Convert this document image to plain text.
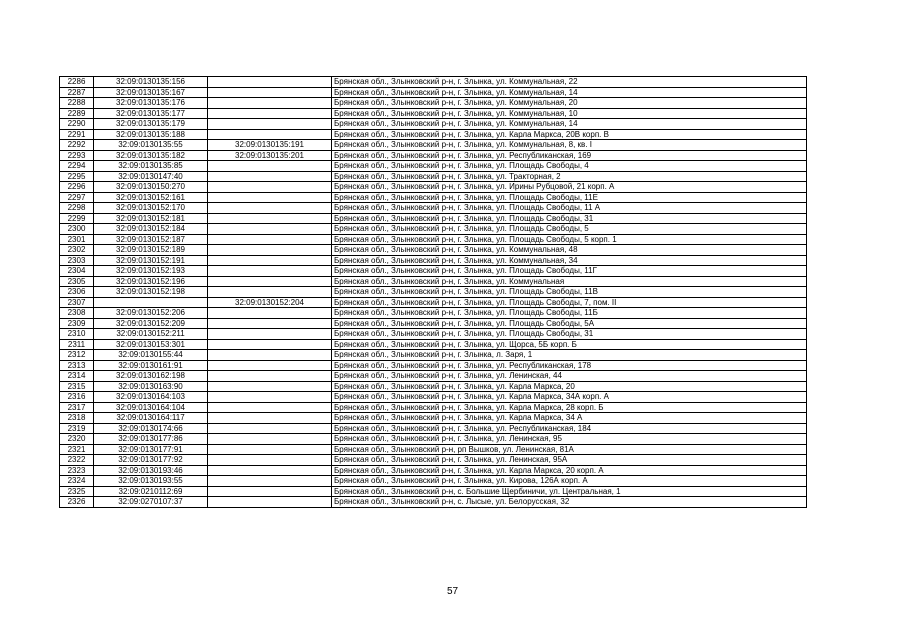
2286	32:09:0130135:156		Брянская обл., Злынковский р-н, г. Злынка, ул. Коммунальная, 22
2287	32:09:0130135:167		Брянская обл., Злынковский р-н, г. Злынка, ул. Коммунальная, 14
2288	32:09:0130135:176		Брянская обл., Злынковский р-н, г. Злынка, ул. Коммунальная, 20
2289	32:09:0130135:177		Брянская обл., Злынковский р-н, г. Злынка, ул. Коммунальная, 10
2290	32:09:0130135:179		Брянская обл., Злынковский р-н, г. Злынка, ул. Коммунальная, 14
2291	32:09:0130135:188		Брянская обл., Злынковский р-н, г. Злынка, ул. Карла Маркса, 20В корп. В
2292	32:09:0130135:55	32:09:0130135:191	Брянская обл., Злынковский р-н, г. Злынка, ул. Коммунальная, 8, кв. I
2293	32:09:0130135:182	32:09:0130135:201	Брянская обл., Злынковский р-н, г. Злынка, ул. Республиканская, 169
2294	32:09:0130135:85		Брянская обл., Злынковский р-н, г. Злынка, ул. Площадь Свободы, 4
2295	32:09:0130147:40		Брянская обл., Злынковский р-н, г. Злынка, ул. Тракторная, 2
2296	32:09:0130150:270		Брянская обл., Злынковский р-н, г. Злынка, ул. Ирины Рубцовой, 21 корп. А
2297	32:09:0130152:161		Брянская обл., Злынковский р-н, г. Злынка, ул. Площадь Свободы, 11Е
2298	32:09:0130152:170		Брянская обл., Злынковский р-н, г. Злынка, ул. Площадь Свободы, 11 А
2299	32:09:0130152:181		Брянская обл., Злынковский р-н, г. Злынка, ул. Площадь Свободы, 31
2300	32:09:0130152:184		Брянская обл., Злынковский р-н, г. Злынка, ул. Площадь Свободы, 5
2301	32:09:0130152:187		Брянская обл., Злынковский р-н, г. Злынка, ул. Площадь Свободы, 5 корп. 1
2302	32:09:0130152:189		Брянская обл., Злынковский р-н, г. Злынка, ул. Коммунальная, 48
2303	32:09:0130152:191		Брянская обл., Злынковский р-н, г. Злынка, ул. Коммунальная, 34
2304	32:09:0130152:193		Брянская обл., Злынковский р-н, г. Злынка, ул. Площадь Свободы, 11Г
2305	32:09:0130152:196		Брянская обл., Злынковский р-н, г. Злынка, ул. Коммунальная
2306	32:09:0130152:198		Брянская обл., Злынковский р-н, г. Злынка, ул. Площадь Свободы, 11В
2307		32:09:0130152:204	Брянская обл., Злынковский р-н, г. Злынка, ул. Площадь Свободы, 7, пом. II
2308	32:09:0130152:206		Брянская обл., Злынковский р-н, г. Злынка, ул. Площадь Свободы, 11Б
2309	32:09:0130152:209		Брянская обл., Злынковский р-н, г. Злынка, ул. Площадь Свободы, 5А
2310	32:09:0130152:211		Брянская обл., Злынковский р-н, г. Злынка, ул. Площадь Свободы, 31
2311	32:09:0130153:301		Брянская обл., Злынковский р-н, г. Злынка, ул. Щорса, 5Б корп. Б
2312	32:09:0130155:44		Брянская обл., Злынковский р-н, г. Злынка, л. Заря, 1
2313	32:09:0130161:91		Брянская обл., Злынковский р-н, г. Злынка, ул. Республиканская, 178
2314	32:09:0130162:198		Брянская обл., Злынковский р-н, г. Злынка, ул. Ленинская, 44
2315	32:09:0130163:90		Брянская обл., Злынковский р-н, г. Злынка, ул. Карла Маркса, 20
2316	32:09:0130164:103		Брянская обл., Злынковский р-н, г. Злынка, ул. Карла Маркса, 34А корп. А
2317	32:09:0130164:104		Брянская обл., Злынковский р-н, г. Злынка, ул. Карла Маркса, 28 корп. Б
2318	32:09:0130164:117		Брянская обл., Злынковский р-н, г. Злынка, ул. Карла Маркса, 34 А
2319	32:09:0130174:66		Брянская обл., Злынковский р-н, г. Злынка, ул. Республиканская, 184
2320	32:09:0130177:86		Брянская обл., Злынковский р-н, г. Злынка, ул. Ленинская, 95
2321	32:09:0130177:91		Брянская обл., Злынковский р-н, рп Вышков, ул. Ленинская, 81А
2322	32:09:0130177:92		Брянская обл., Злынковский р-н, г. Злынка, ул. Ленинская, 95А
2323	32:09:0130193:46		Брянская обл., Злынковский р-н, г. Злынка, ул. Карла Маркса, 20 корп. А
2324	32:09:0130193:55		Брянская обл., Злынковский р-н, г. Злынка, ул. Кирова, 126А корп. А
2325	32:09:0210112:69		Брянская обл., Злынковский р-н, с. Большие Щербиничи, ул. Центральная, 1
2326	32:09:0270107:37		Брянская обл., Злынковский р-н, с. Лысые, ул. Белорусская, 32
57
